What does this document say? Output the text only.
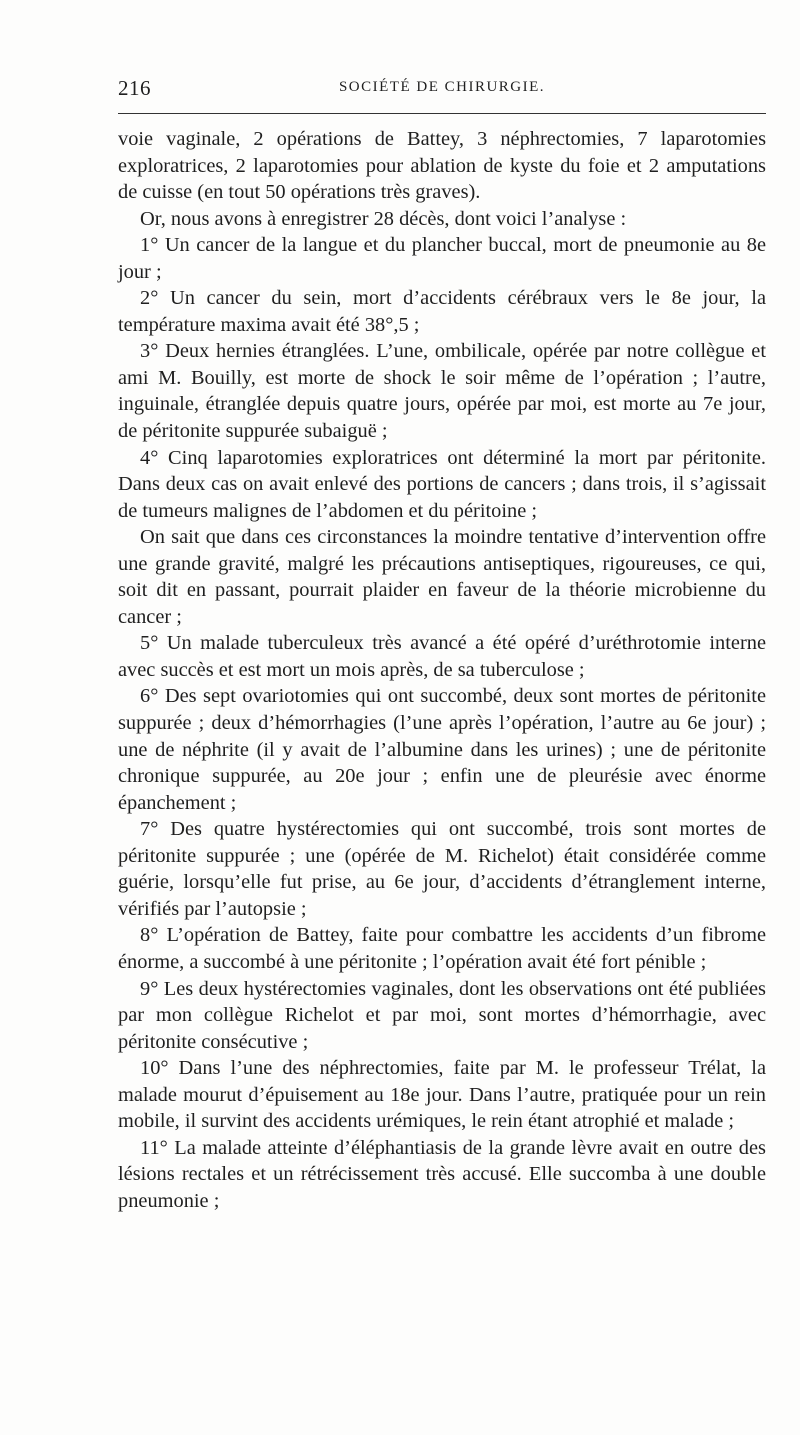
216	SOCIÉTÉ DE CHIRURGIE.

voie vaginale, 2 opérations de Battey, 3 néphrectomies, 7 laparotomies exploratrices, 2 laparotomies pour ablation de kyste du foie et 2 amputations de cuisse (en tout 50 opérations très graves).

Or, nous avons à enregistrer 28 décès, dont voici l’analyse :

1° Un cancer de la langue et du plancher buccal, mort de pneumonie au 8e jour ;

2° Un cancer du sein, mort d’accidents cérébraux vers le 8e jour, la température maxima avait été 38°,5 ;

3° Deux hernies étranglées. L’une, ombilicale, opérée par notre collègue et ami M. Bouilly, est morte de shock le soir même de l’opération ; l’autre, inguinale, étranglée depuis quatre jours, opérée par moi, est morte au 7e jour, de péritonite suppurée subaiguë ;

4° Cinq laparotomies exploratrices ont déterminé la mort par péritonite. Dans deux cas on avait enlevé des portions de cancers ; dans trois, il s’agissait de tumeurs malignes de l’abdomen et du péritoine ;

On sait que dans ces circonstances la moindre tentative d’intervention offre une grande gravité, malgré les précautions antiseptiques, rigoureuses, ce qui, soit dit en passant, pourrait plaider en faveur de la théorie microbienne du cancer ;

5° Un malade tuberculeux très avancé a été opéré d’uréthrotomie interne avec succès et est mort un mois après, de sa tuberculose ;

6° Des sept ovariotomies qui ont succombé, deux sont mortes de péritonite suppurée ; deux d’hémorrhagies (l’une après l’opération, l’autre au 6e jour) ; une de néphrite (il y avait de l’albumine dans les urines) ; une de péritonite chronique suppurée, au 20e jour ; enfin une de pleurésie avec énorme épanchement ;

7° Des quatre hystérectomies qui ont succombé, trois sont mortes de péritonite suppurée ; une (opérée de M. Richelot) était considérée comme guérie, lorsqu’elle fut prise, au 6e jour, d’accidents d’étranglement interne, vérifiés par l’autopsie ;

8° L’opération de Battey, faite pour combattre les accidents d’un fibrome énorme, a succombé à une péritonite ; l’opération avait été fort pénible ;

9° Les deux hystérectomies vaginales, dont les observations ont été publiées par mon collègue Richelot et par moi, sont mortes d’hémorrhagie, avec péritonite consécutive ;

10° Dans l’une des néphrectomies, faite par M. le professeur Trélat, la malade mourut d’épuisement au 18e jour. Dans l’autre, pratiquée pour un rein mobile, il survint des accidents urémiques, le rein étant atrophié et malade ;

11° La malade atteinte d’éléphantiasis de la grande lèvre avait en outre des lésions rectales et un rétrécissement très accusé. Elle succomba à une double pneumonie ;
